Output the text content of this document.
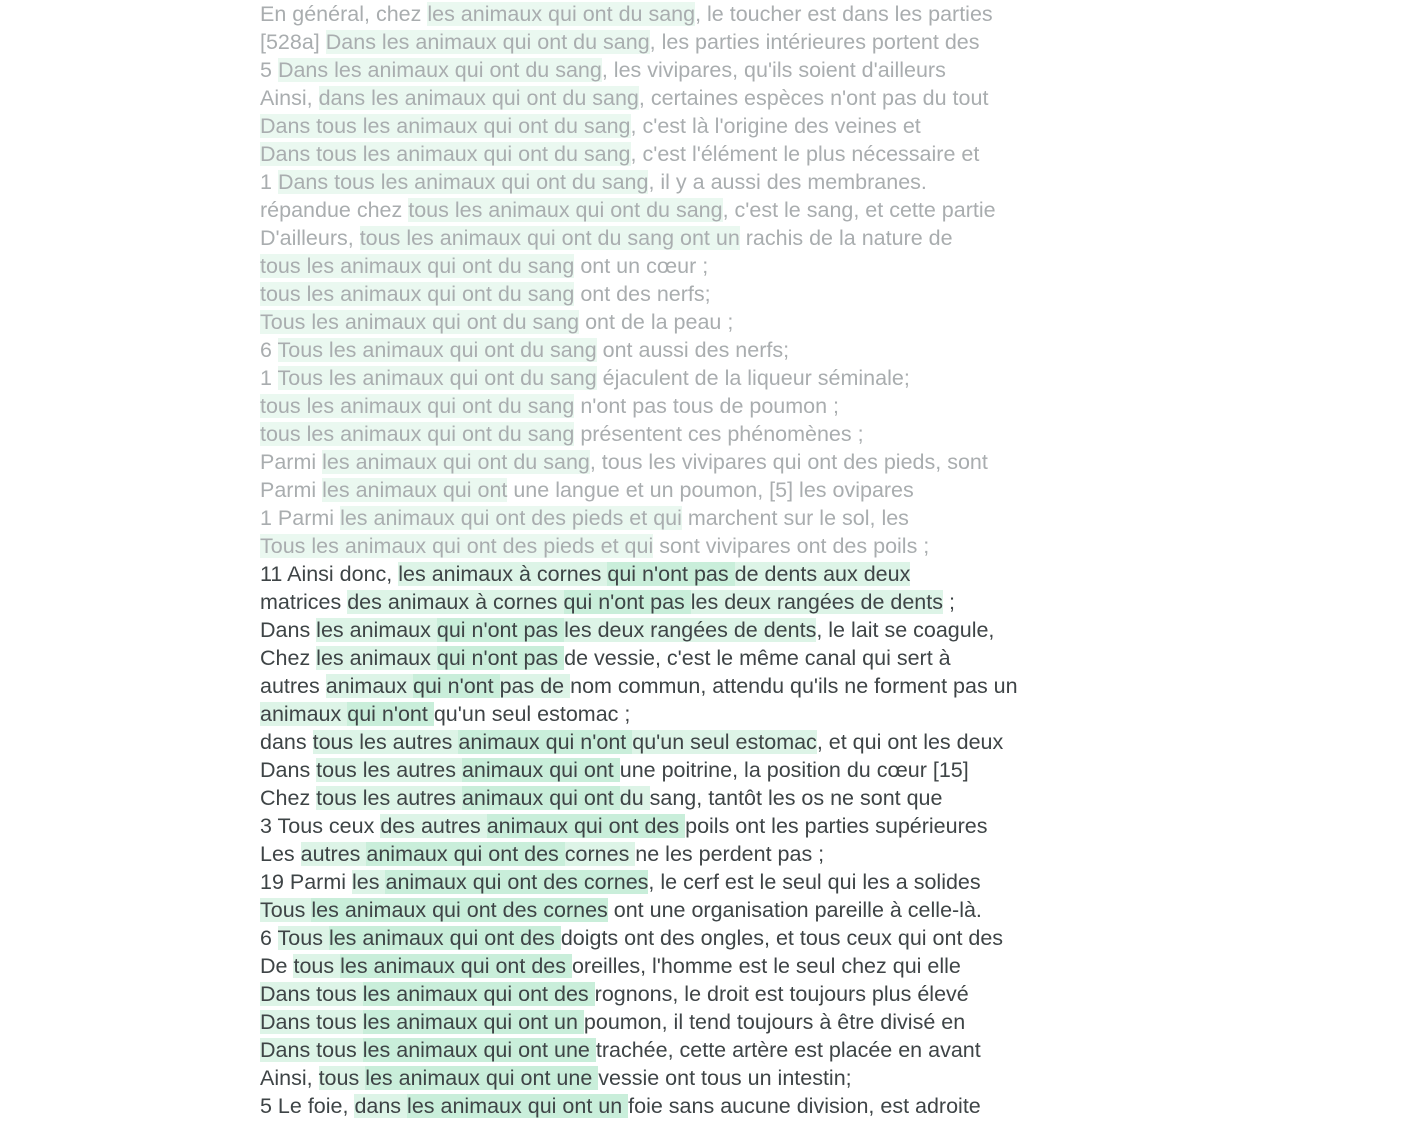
En général, chez les animaux qui ont du sang, le toucher est dans les parties
[528a] Dans les animaux qui ont du sang, les parties intérieures portent des
5 Dans les animaux qui ont du sang, les vivipares, qu'ils soient d'ailleurs
Ainsi, dans les animaux qui ont du sang, certaines espèces n'ont pas du tout
Dans tous les animaux qui ont du sang, c'est là l'origine des veines et
Dans tous les animaux qui ont du sang, c'est l'élément le plus nécessaire et
1 Dans tous les animaux qui ont du sang, il y a aussi des membranes.
répandue chez tous les animaux qui ont du sang, c'est le sang, et cette partie
D'ailleurs, tous les animaux qui ont du sang ont un rachis de la nature de
tous les animaux qui ont du sang ont un cœur ;
tous les animaux qui ont du sang ont des nerfs;
Tous les animaux qui ont du sang ont de la peau ;
6 Tous les animaux qui ont du sang ont aussi des nerfs;
1 Tous les animaux qui ont du sang éjaculent de la liqueur séminale;
tous les animaux qui ont du sang n'ont pas tous de poumon ;
tous les animaux qui ont du sang présentent ces phénomènes ;
Parmi les animaux qui ont du sang, tous les vivipares qui ont des pieds, sont
Parmi les animaux qui ont une langue et un poumon, [5] les ovipares
1 Parmi les animaux qui ont des pieds et qui marchent sur le sol, les
Tous les animaux qui ont des pieds et qui sont vivipares ont des poils ;
11 Ainsi donc, les animaux à cornes qui n'ont pas de dents aux deux
matrices des animaux à cornes qui n'ont pas les deux rangées de dents ;
Dans les animaux qui n'ont pas les deux rangées de dents, le lait se coagule,
Chez les animaux qui n'ont pas de vessie, c'est le même canal qui sert à
autres animaux qui n'ont pas de nom commun, attendu qu'ils ne forment pas un
animaux qui n'ont qu'un seul estomac ;
dans tous les autres animaux qui n'ont qu'un seul estomac, et qui ont les deux
Dans tous les autres animaux qui ont une poitrine, la position du cœur [15]
Chez tous les autres animaux qui ont du sang, tantôt les os ne sont que
3 Tous ceux des autres animaux qui ont des poils ont les parties supérieures
Les autres animaux qui ont des cornes ne les perdent pas ;
19 Parmi les animaux qui ont des cornes, le cerf est le seul qui les a solides
Tous les animaux qui ont des cornes ont une organisation pareille à celle-là.
6 Tous les animaux qui ont des doigts ont des ongles, et tous ceux qui ont des
De tous les animaux qui ont des oreilles, l'homme est le seul chez qui elle
Dans tous les animaux qui ont des rognons, le droit est toujours plus élevé
Dans tous les animaux qui ont un poumon, il tend toujours à être divisé en
Dans tous les animaux qui ont une trachée, cette artère est placée en avant
Ainsi, tous les animaux qui ont une vessie ont tous un intestin;
5 Le foie, dans les animaux qui ont un foie sans aucune division, est adroite
